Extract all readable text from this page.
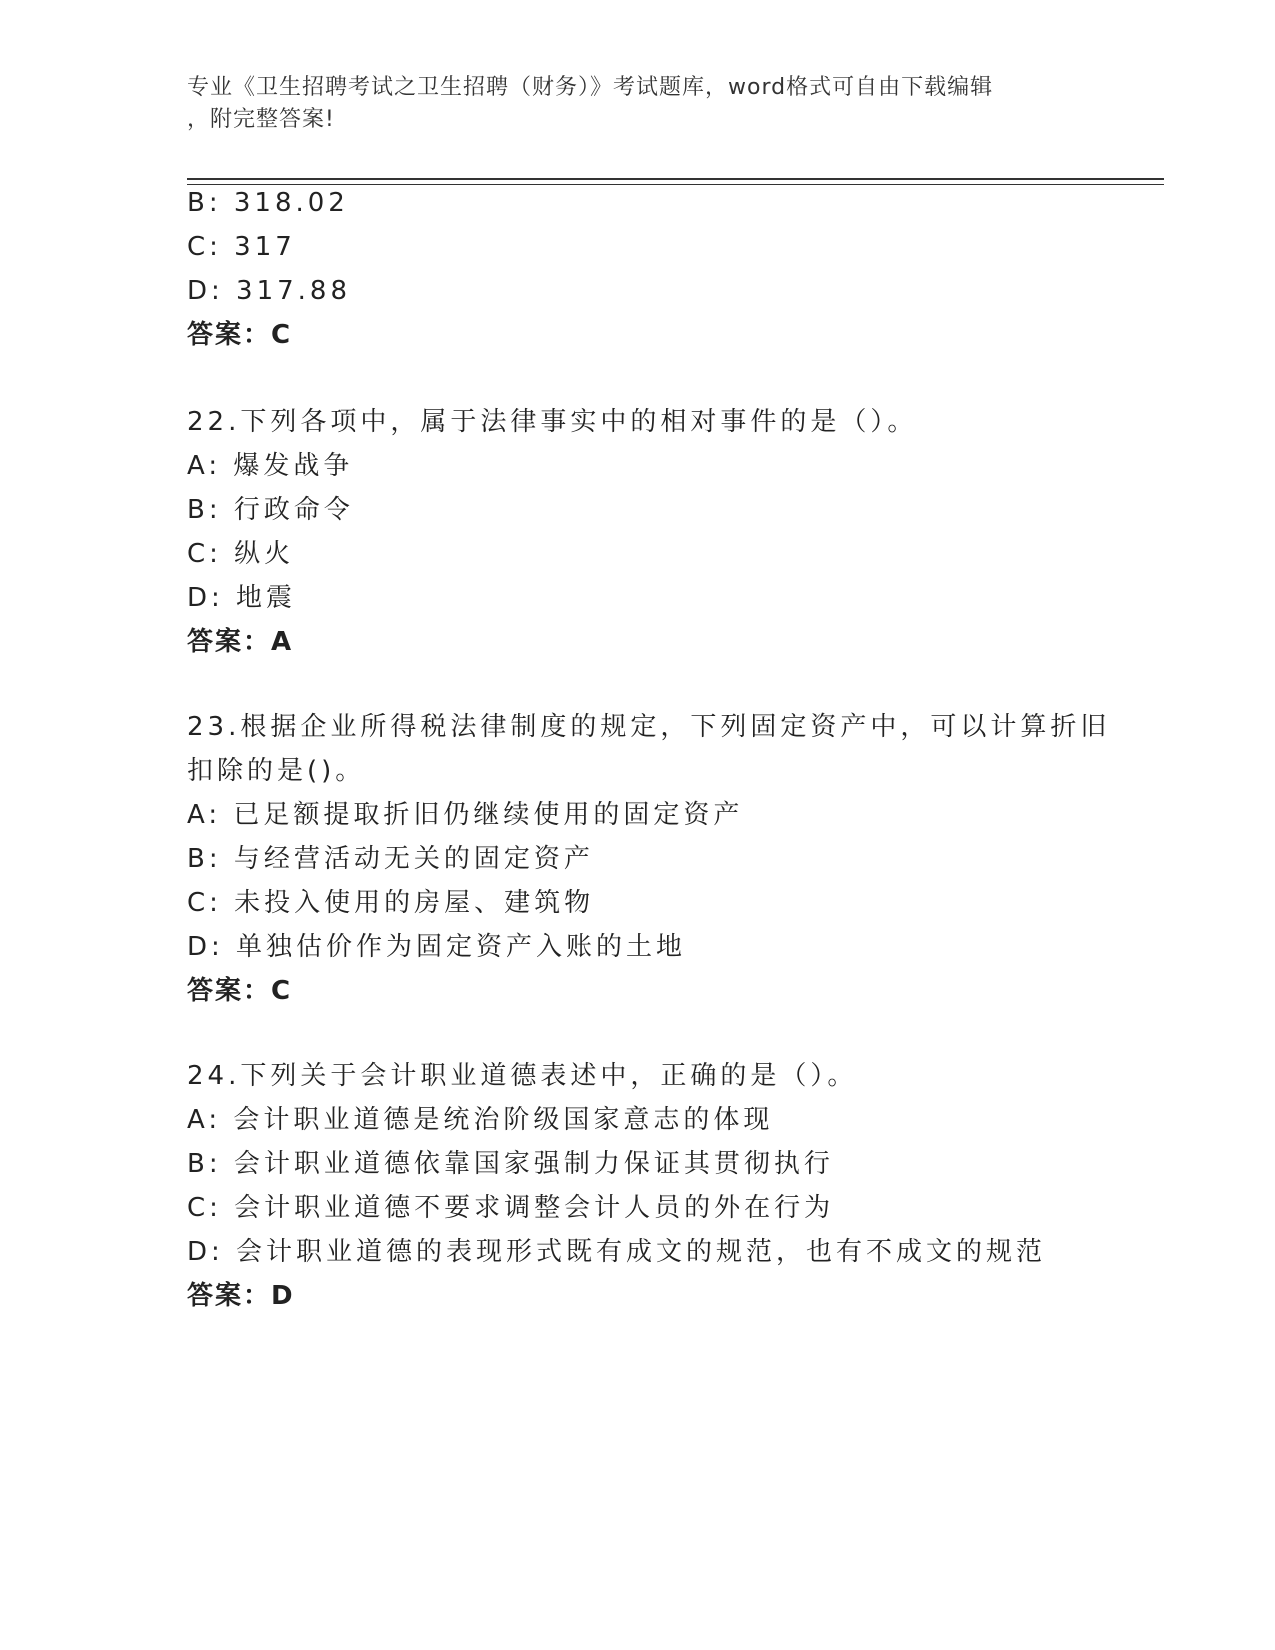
专业《卫生招聘考试之卫生招聘（财务）》考试题库，word格式可自由下载编辑
，附完整答案!
B: 318.02
C: 317
D: 317.88
答案：C
22.下列各项中，属于法律事实中的相对事件的是（）。
A: 爆发战争
B: 行政命令
C: 纵火
D: 地震
答案：A
23.根据企业所得税法律制度的规定，下列固定资产中，可以计算折旧
扣除的是()。
A: 已足额提取折旧仍继续使用的固定资产
B: 与经营活动无关的固定资产
C: 未投入使用的房屋、建筑物
D: 单独估价作为固定资产入账的土地
答案：C
24.下列关于会计职业道德表述中，正确的是（）。
A: 会计职业道德是统治阶级国家意志的体现
B: 会计职业道德依靠国家强制力保证其贯彻执行
C: 会计职业道德不要求调整会计人员的外在行为
D: 会计职业道德的表现形式既有成文的规范，也有不成文的规范
答案：D
